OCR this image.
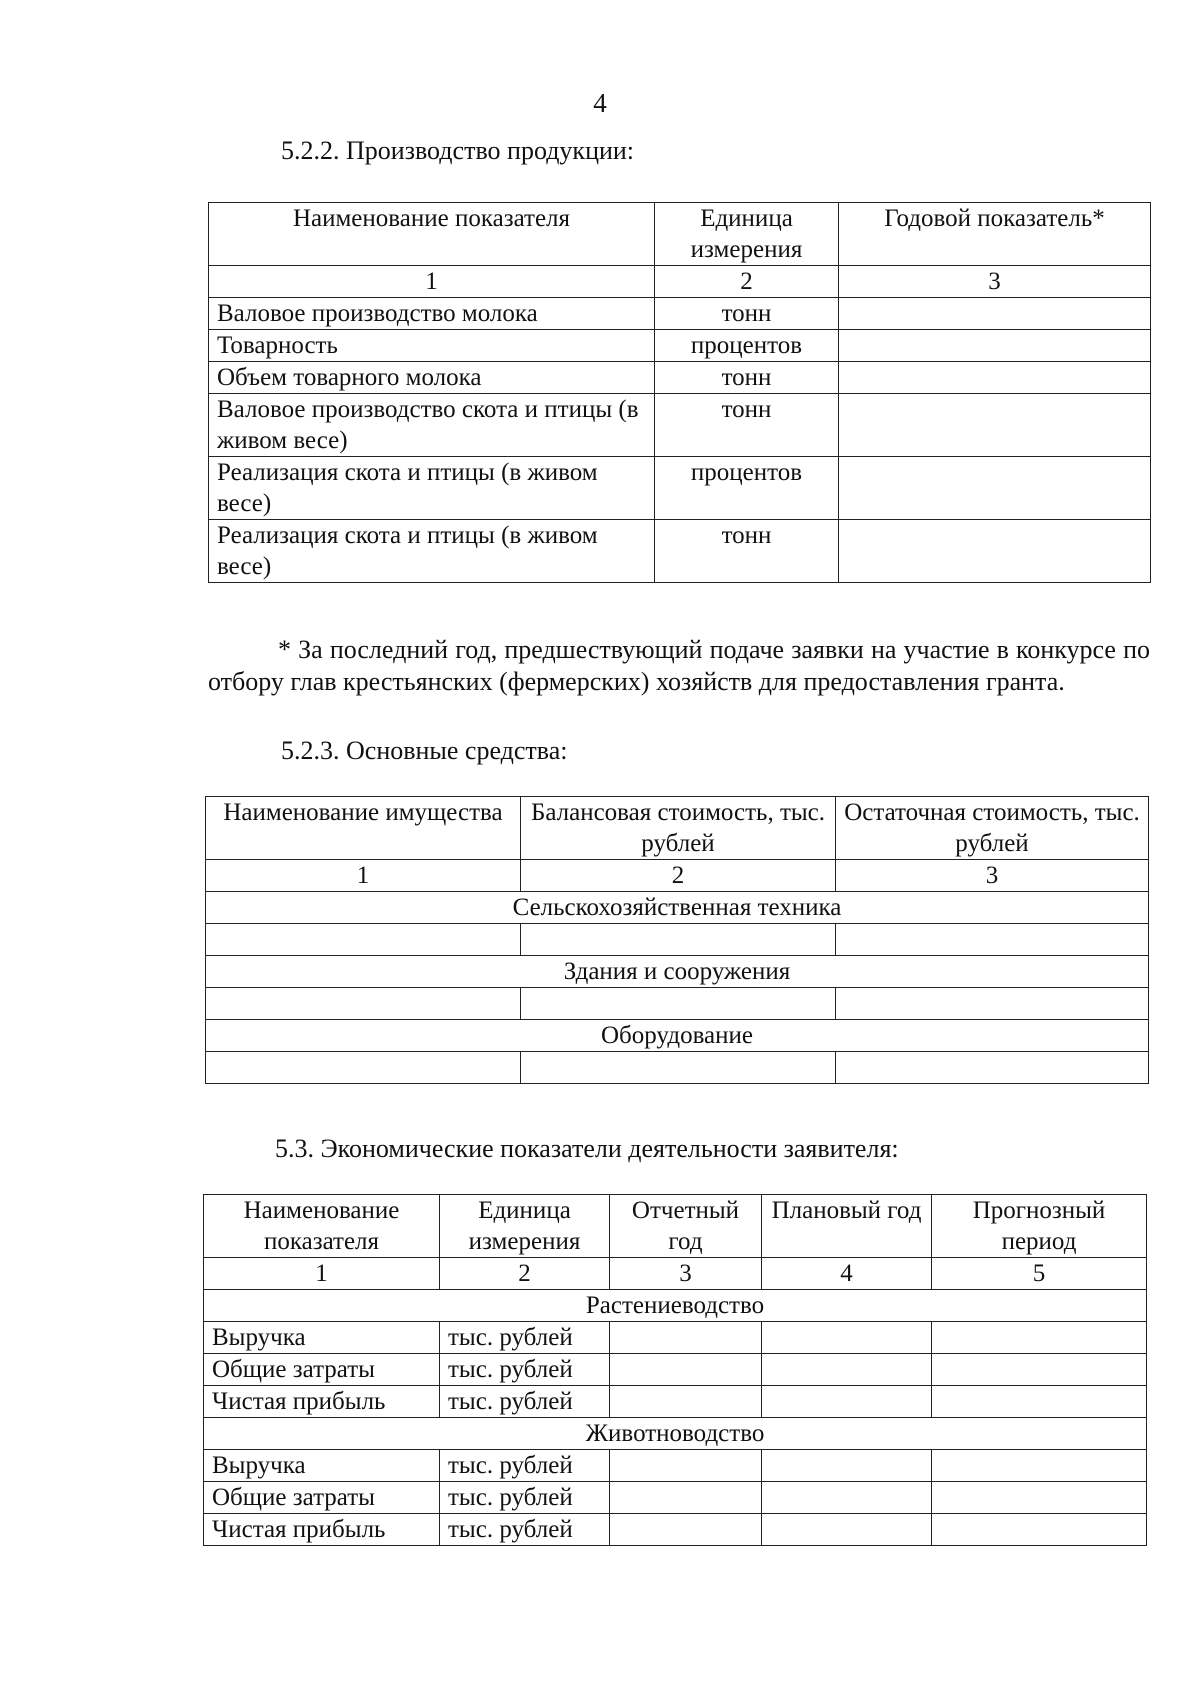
4
5.2.2. Производство продукции:
Наименование показателя	Единица измерения	Годовой показатель*
1	2	3
Валовое производство молока	тонн	
Товарность	процентов	
Объем товарного молока	тонн	
Валовое производство скота и птицы (в живом весе)	тонн	
Реализация скота и птицы (в живом весе)	процентов	
Реализация скота и птицы (в живом весе)	тонн	
* За последний год, предшествующий подаче заявки на участие в конкурсе по отбору глав крестьянских (фермерских) хозяйств для предоставления гранта.
5.2.3. Основные средства:
Наименование имущества	Балансовая стоимость, тыс. рублей	Остаточная стоимость, тыс. рублей
1	2	3
Сельскохозяйственная техника		

Здания и сооружения		

Оборудование		

5.3. Экономические показатели деятельности заявителя:
Наименование показателя	Единица измерения	Отчетный год	Плановый год	Прогнозный период
1	2	3	4	5
Растениеводство				
Выручка	тыс. рублей			
Общие затраты	тыс. рублей			
Чистая прибыль	тыс. рублей			
Животноводство				
Выручка	тыс. рублей			
Общие затраты	тыс. рублей			
Чистая прибыль	тыс. рублей			
